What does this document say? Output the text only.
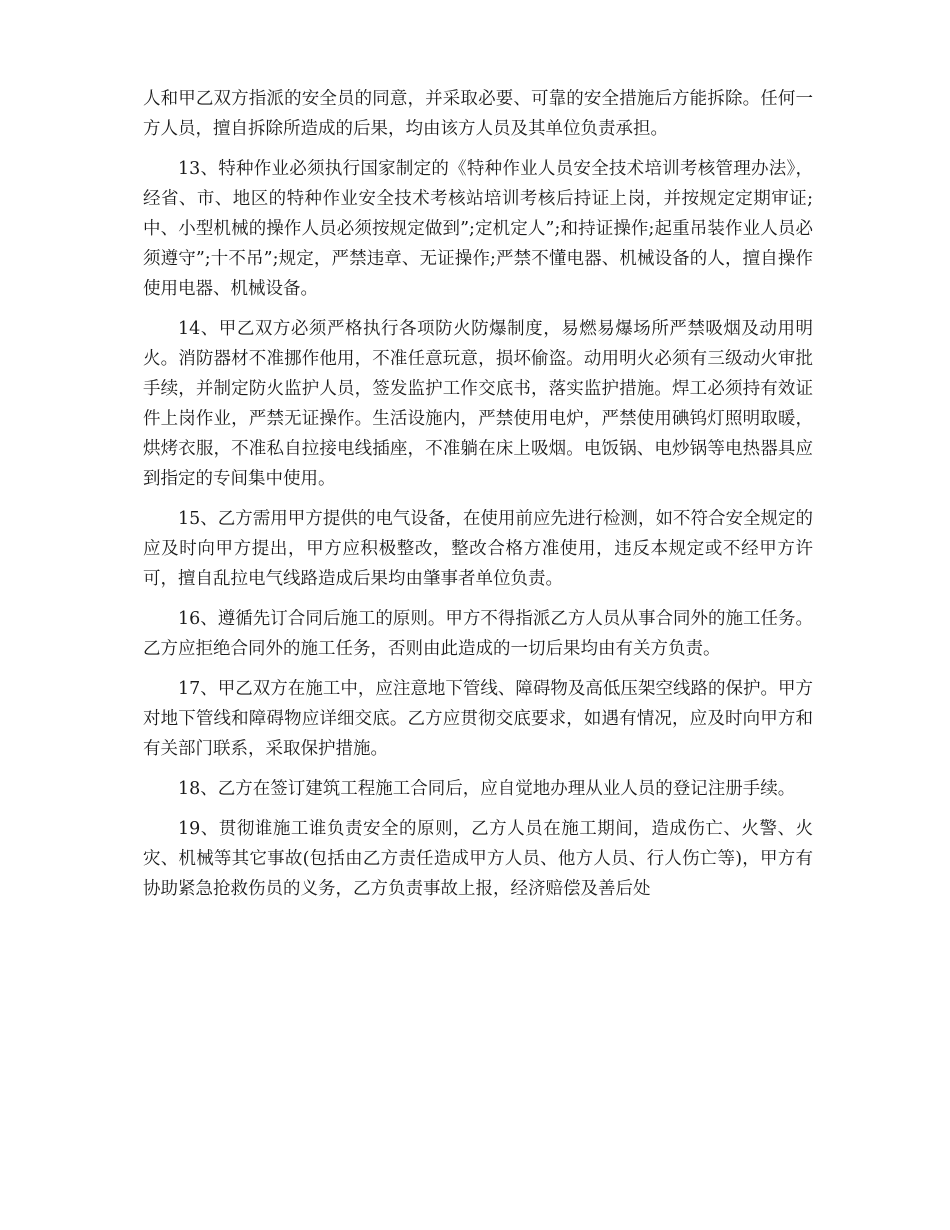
人和甲乙双方指派的安全员的同意，并采取必要、可靠的安全措施后方能拆除。任何一方人员，擅自拆除所造成的后果，均由该方人员及其单位负责承担。

13、特种作业必须执行国家制定的《特种作业人员安全技术培训考核管理办法》，经省、市、地区的特种作业安全技术考核站培训考核后持证上岗，并按规定定期审证;中、小型机械的操作人员必须按规定做到”;定机定人”;和持证操作;起重吊装作业人员必须遵守”;十不吊”;规定，严禁违章、无证操作;严禁不懂电器、机械设备的人，擅自操作使用电器、机械设备。

14、甲乙双方必须严格执行各项防火防爆制度，易燃易爆场所严禁吸烟及动用明火。消防器材不准挪作他用，不准任意玩意，损坏偷盗。动用明火必须有三级动火审批手续，并制定防火监护人员，签发监护工作交底书，落实监护措施。焊工必须持有效证件上岗作业，严禁无证操作。生活设施内，严禁使用电炉，严禁使用碘钨灯照明取暖，烘烤衣服，不准私自拉接电线插座，不准躺在床上吸烟。电饭锅、电炒锅等电热器具应到指定的专间集中使用。

15、乙方需用甲方提供的电气设备，在使用前应先进行检测，如不符合安全规定的应及时向甲方提出，甲方应积极整改，整改合格方准使用，违反本规定或不经甲方许可，擅自乱拉电气线路造成后果均由肇事者单位负责。

16、遵循先订合同后施工的原则。甲方不得指派乙方人员从事合同外的施工任务。乙方应拒绝合同外的施工任务，否则由此造成的一切后果均由有关方负责。

17、甲乙双方在施工中，应注意地下管线、障碍物及高低压架空线路的保护。甲方对地下管线和障碍物应详细交底。乙方应贯彻交底要求，如遇有情况，应及时向甲方和有关部门联系，采取保护措施。

18、乙方在签订建筑工程施工合同后，应自觉地办理从业人员的登记注册手续。

19、贯彻谁施工谁负责安全的原则，乙方人员在施工期间，造成伤亡、火警、火灾、机械等其它事故(包括由乙方责任造成甲方人员、他方人员、行人伤亡等)，甲方有协助紧急抢救伤员的义务，乙方负责事故上报，经济赔偿及善后处
